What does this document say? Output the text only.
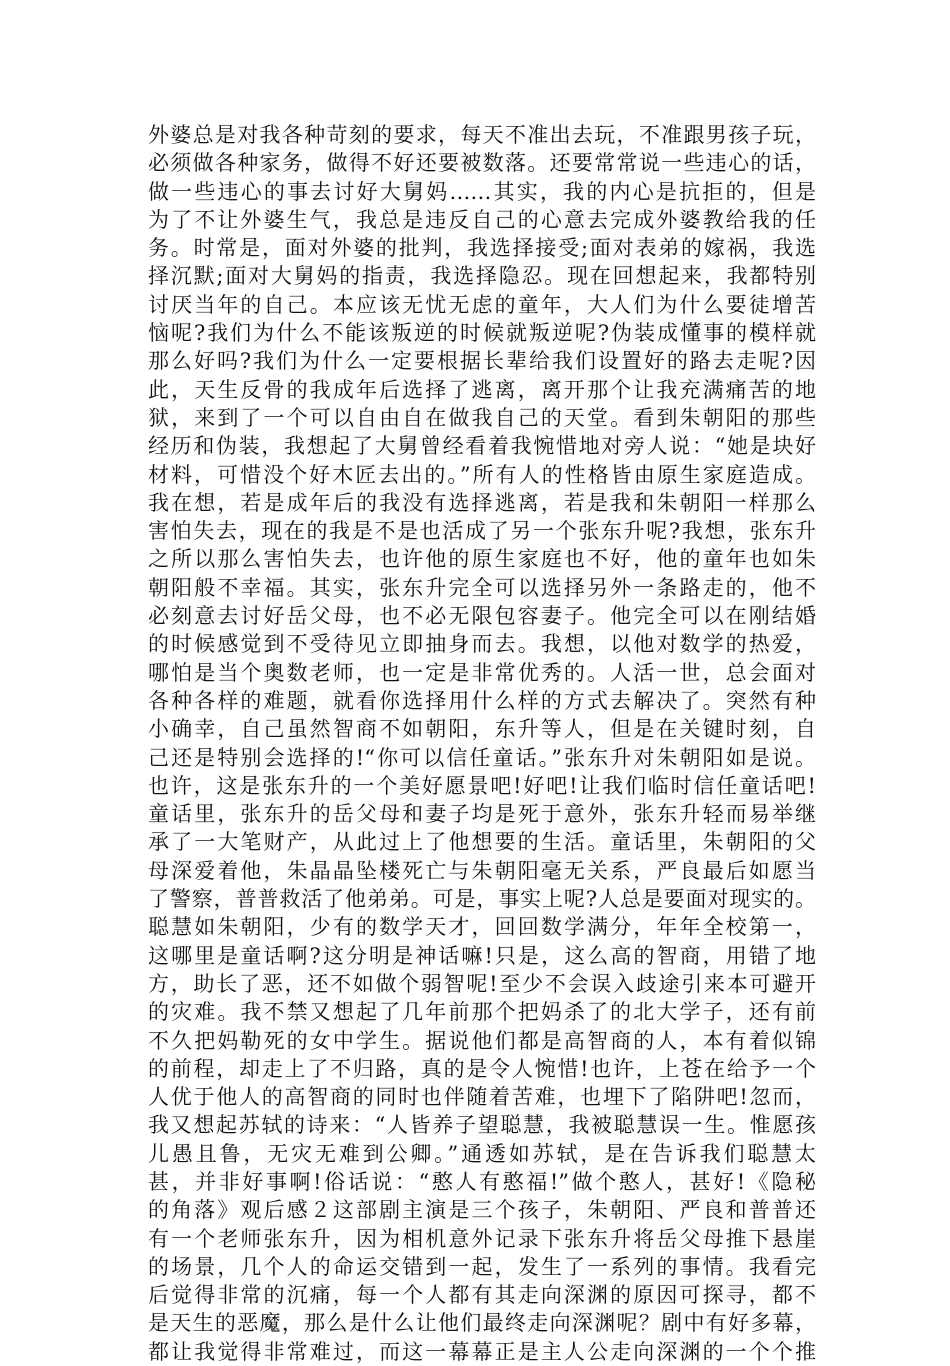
外婆总是对我各种苛刻的要求，每天不准出去玩，不准跟男孩子玩，
必须做各种家务，做得不好还要被数落。还要常常说一些违心的话，
做一些违心的事去讨好大舅妈……其实，我的内心是抗拒的，但是
为了不让外婆生气，我总是违反自己的心意去完成外婆教给我的任
务。时常是，面对外婆的批判，我选择接受;面对表弟的嫁祸，我选
择沉默;面对大舅妈的指责，我选择隐忍。现在回想起来，我都特别
讨厌当年的自己。本应该无忧无虑的童年，大人们为什么要徒增苦
恼呢?我们为什么不能该叛逆的时候就叛逆呢?伪装成懂事的模样就
那么好吗?我们为什么一定要根据长辈给我们设置好的路去走呢?因
此，天生反骨的我成年后选择了逃离，离开那个让我充满痛苦的地
狱，来到了一个可以自由自在做我自己的天堂。看到朱朝阳的那些
经历和伪装，我想起了大舅曾经看着我惋惜地对旁人说：“她是块好
材料，可惜没个好木匠去出的。”所有人的性格皆由原生家庭造成。
我在想，若是成年后的我没有选择逃离，若是我和朱朝阳一样那么
害怕失去，现在的我是不是也活成了另一个张东升呢?我想，张东升
之所以那么害怕失去，也许他的原生家庭也不好，他的童年也如朱
朝阳般不幸福。其实，张东升完全可以选择另外一条路走的，他不
必刻意去讨好岳父母，也不必无限包容妻子。他完全可以在刚结婚
的时候感觉到不受待见立即抽身而去。我想，以他对数学的热爱，
哪怕是当个奥数老师，也一定是非常优秀的。人活一世，总会面对
各种各样的难题，就看你选择用什么样的方式去解决了。突然有种
小确幸，自己虽然智商不如朝阳，东升等人，但是在关键时刻，自
己还是特别会选择的!“你可以信任童话。”张东升对朱朝阳如是说。
也许，这是张东升的一个美好愿景吧!好吧!让我们临时信任童话吧!
童话里，张东升的岳父母和妻子均是死于意外，张东升轻而易举继
承了一大笔财产，从此过上了他想要的生活。童话里，朱朝阳的父
母深爱着他，朱晶晶坠楼死亡与朱朝阳毫无关系，严良最后如愿当
了警察，普普救活了他弟弟。可是，事实上呢?人总是要面对现实的。
聪慧如朱朝阳，少有的数学天才，回回数学满分，年年全校第一，
这哪里是童话啊?这分明是神话嘛!只是，这么高的智商，用错了地
方，助长了恶，还不如做个弱智呢!至少不会误入歧途引来本可避开
的灾难。我不禁又想起了几年前那个把妈杀了的北大学子，还有前
不久把妈勒死的女中学生。据说他们都是高智商的人，本有着似锦
的前程，却走上了不归路，真的是令人惋惜!也许，上苍在给予一个
人优于他人的高智商的同时也伴随着苦难，也埋下了陷阱吧!忽而，
我又想起苏轼的诗来：“人皆养子望聪慧，我被聪慧误一生。惟愿孩
儿愚且鲁，无灾无难到公卿。”通透如苏轼，是在告诉我们聪慧太
甚，并非好事啊!俗话说：“憨人有憨福!”做个憨人，甚好!《隐秘
的角落》观后感２这部剧主演是三个孩子，朱朝阳、严良和普普还
有一个老师张东升，因为相机意外记录下张东升将岳父母推下悬崖
的场景，几个人的命运交错到一起，发生了一系列的事情。我看完
后觉得非常的沉痛，每一个人都有其走向深渊的原因可探寻，都不
是天生的恶魔，那么是什么让他们最终走向深渊呢？剧中有好多幕，
都让我觉得非常难过，而这一幕幕正是主人公走向深渊的一个个推
